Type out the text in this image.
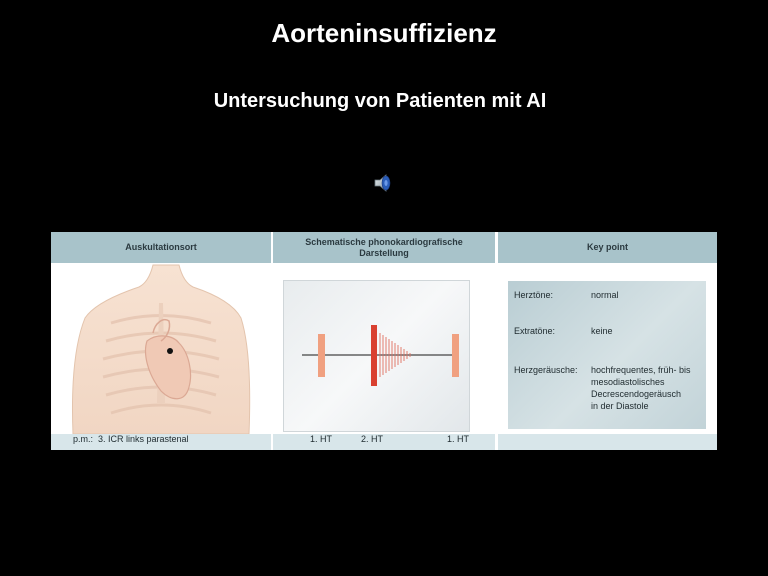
Aorteninsuffizienz
Untersuchung von Patienten mit AI
Auskultationsort
p.m.:  3. ICR links parastenal
Schematische phonokardiografische
Darstellung
1. HT	2. HT	1. HT
Key point
Herztöne:	normal
Extratöne:	keine
Herzgeräusche: hochfrequentes, früh- bis
mesodiastolisches
Decrescendogeräusch
in der Diastole
